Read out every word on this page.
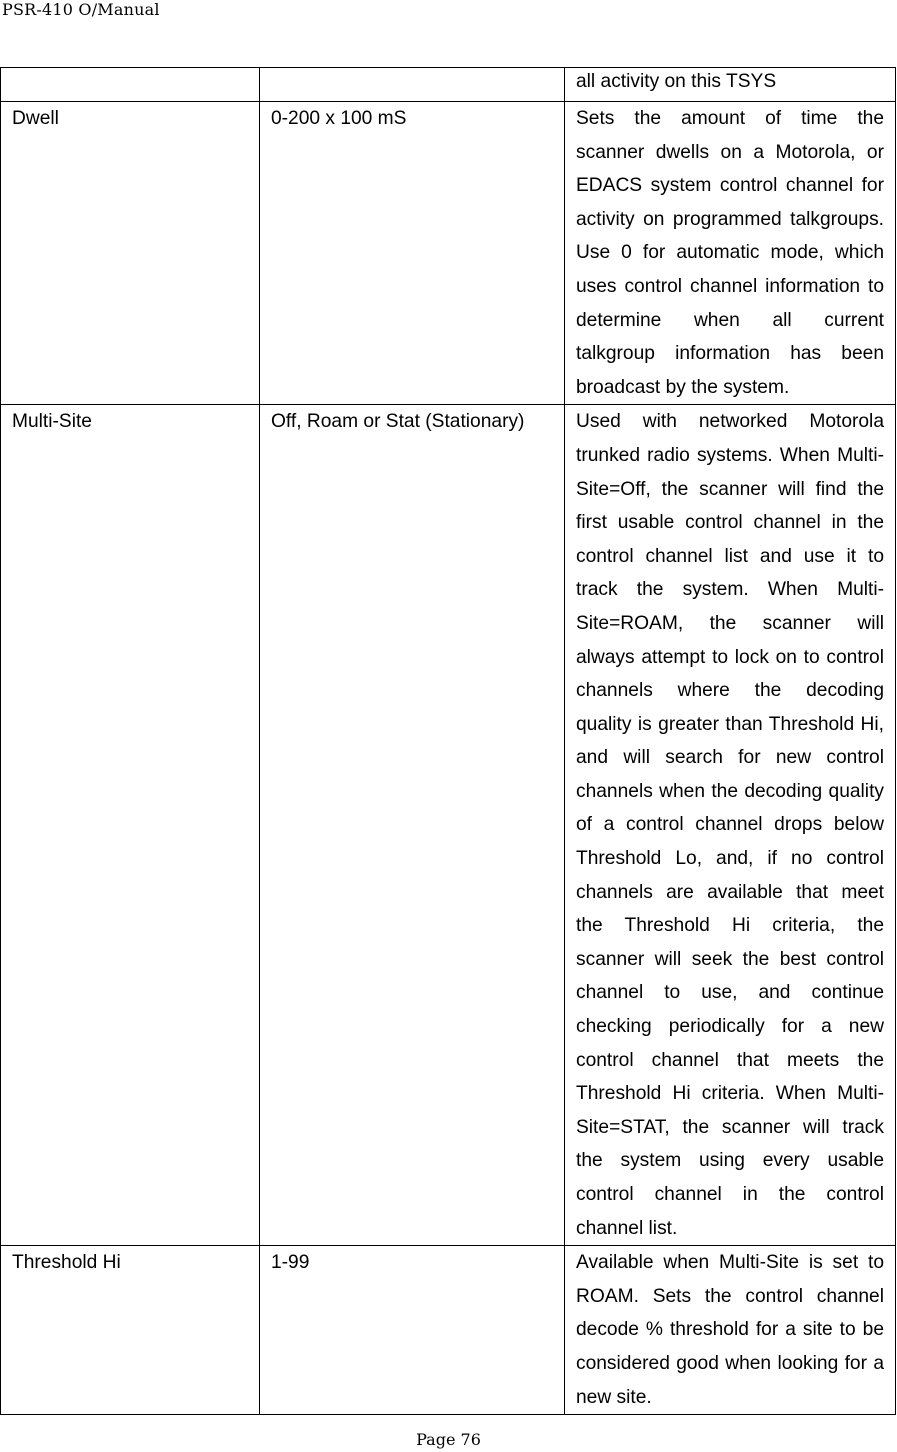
PSR-410 O/Manual
		all activity on this TSYS
Dwell	0-200 x 100 mS	Sets the amount of time the scanner dwells on a Motorola, or EDACS system control channel for activity on programmed talkgroups. Use 0 for automatic mode, which uses control channel information to determine when all current talkgroup information has been broadcast by the system.
Multi-Site	Off, Roam or Stat (Stationary)	Used with networked Motorola trunked radio systems. When Multi-Site=Off, the scanner will find the first usable control channel in the control channel list and use it to track the system. When Multi-Site=ROAM, the scanner will always attempt to lock on to control channels where the decoding quality is greater than Threshold Hi, and will search for new control channels when the decoding quality of a control channel drops below Threshold Lo, and, if no control channels are available that meet the Threshold Hi criteria, the scanner will seek the best control channel to use, and continue checking periodically for a new control channel that meets the Threshold Hi criteria. When Multi-Site=STAT, the scanner will track the system using every usable control channel in the control channel list.
Threshold Hi	1-99	Available when Multi-Site is set to ROAM. Sets the control channel decode % threshold for a site to be considered good when looking for a new site.
Page 76
